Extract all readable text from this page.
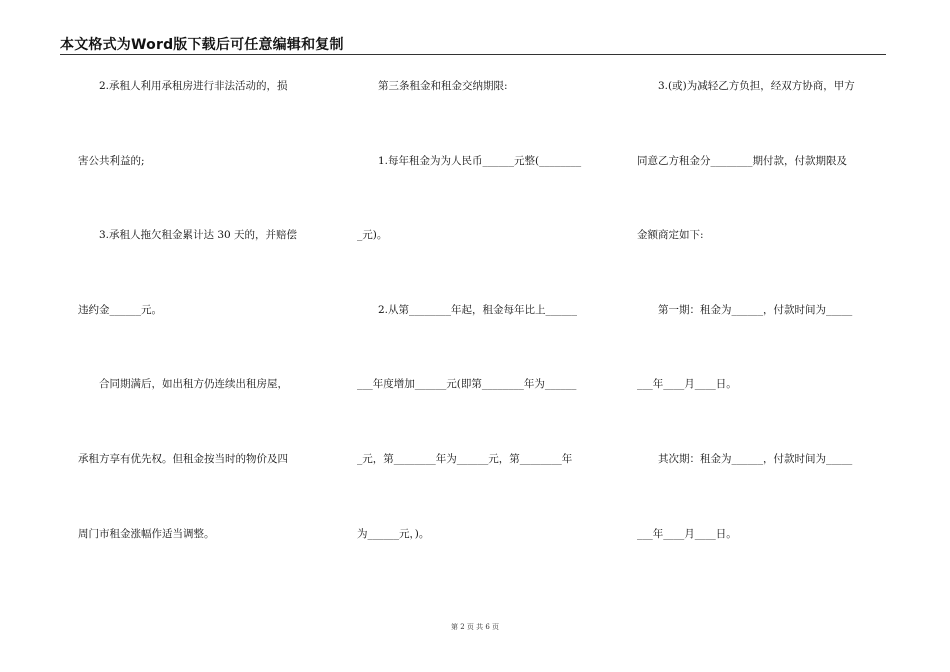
本文格式为Word版下载后可任意编辑和复制
2.承租人利用承租房进行非法活动的，损
害公共利益的;
3.承租人拖欠租金累计达 30 天的，并赔偿
违约金______元。
合同期满后，如出租方仍连续出租房屋，
承租方享有优先权。但租金按当时的物价及四
周门市租金涨幅作适当调整。
第三条租金和租金交纳期限:
1.每年租金为为人民币______元整(________
_元)。
2.从第________年起，租金每年比上______
___年度增加______元(即第________年为______
_元，第________年为______元，第________年
为______元，)。
3.(或)为减轻乙方负担，经双方协商，甲方
同意乙方租金分________期付款，付款期限及
金额商定如下:
第一期：租金为______，付款时间为_____
___年____月____日。
其次期：租金为______，付款时间为_____
___年____月____日。
第 2 页 共 6 页
